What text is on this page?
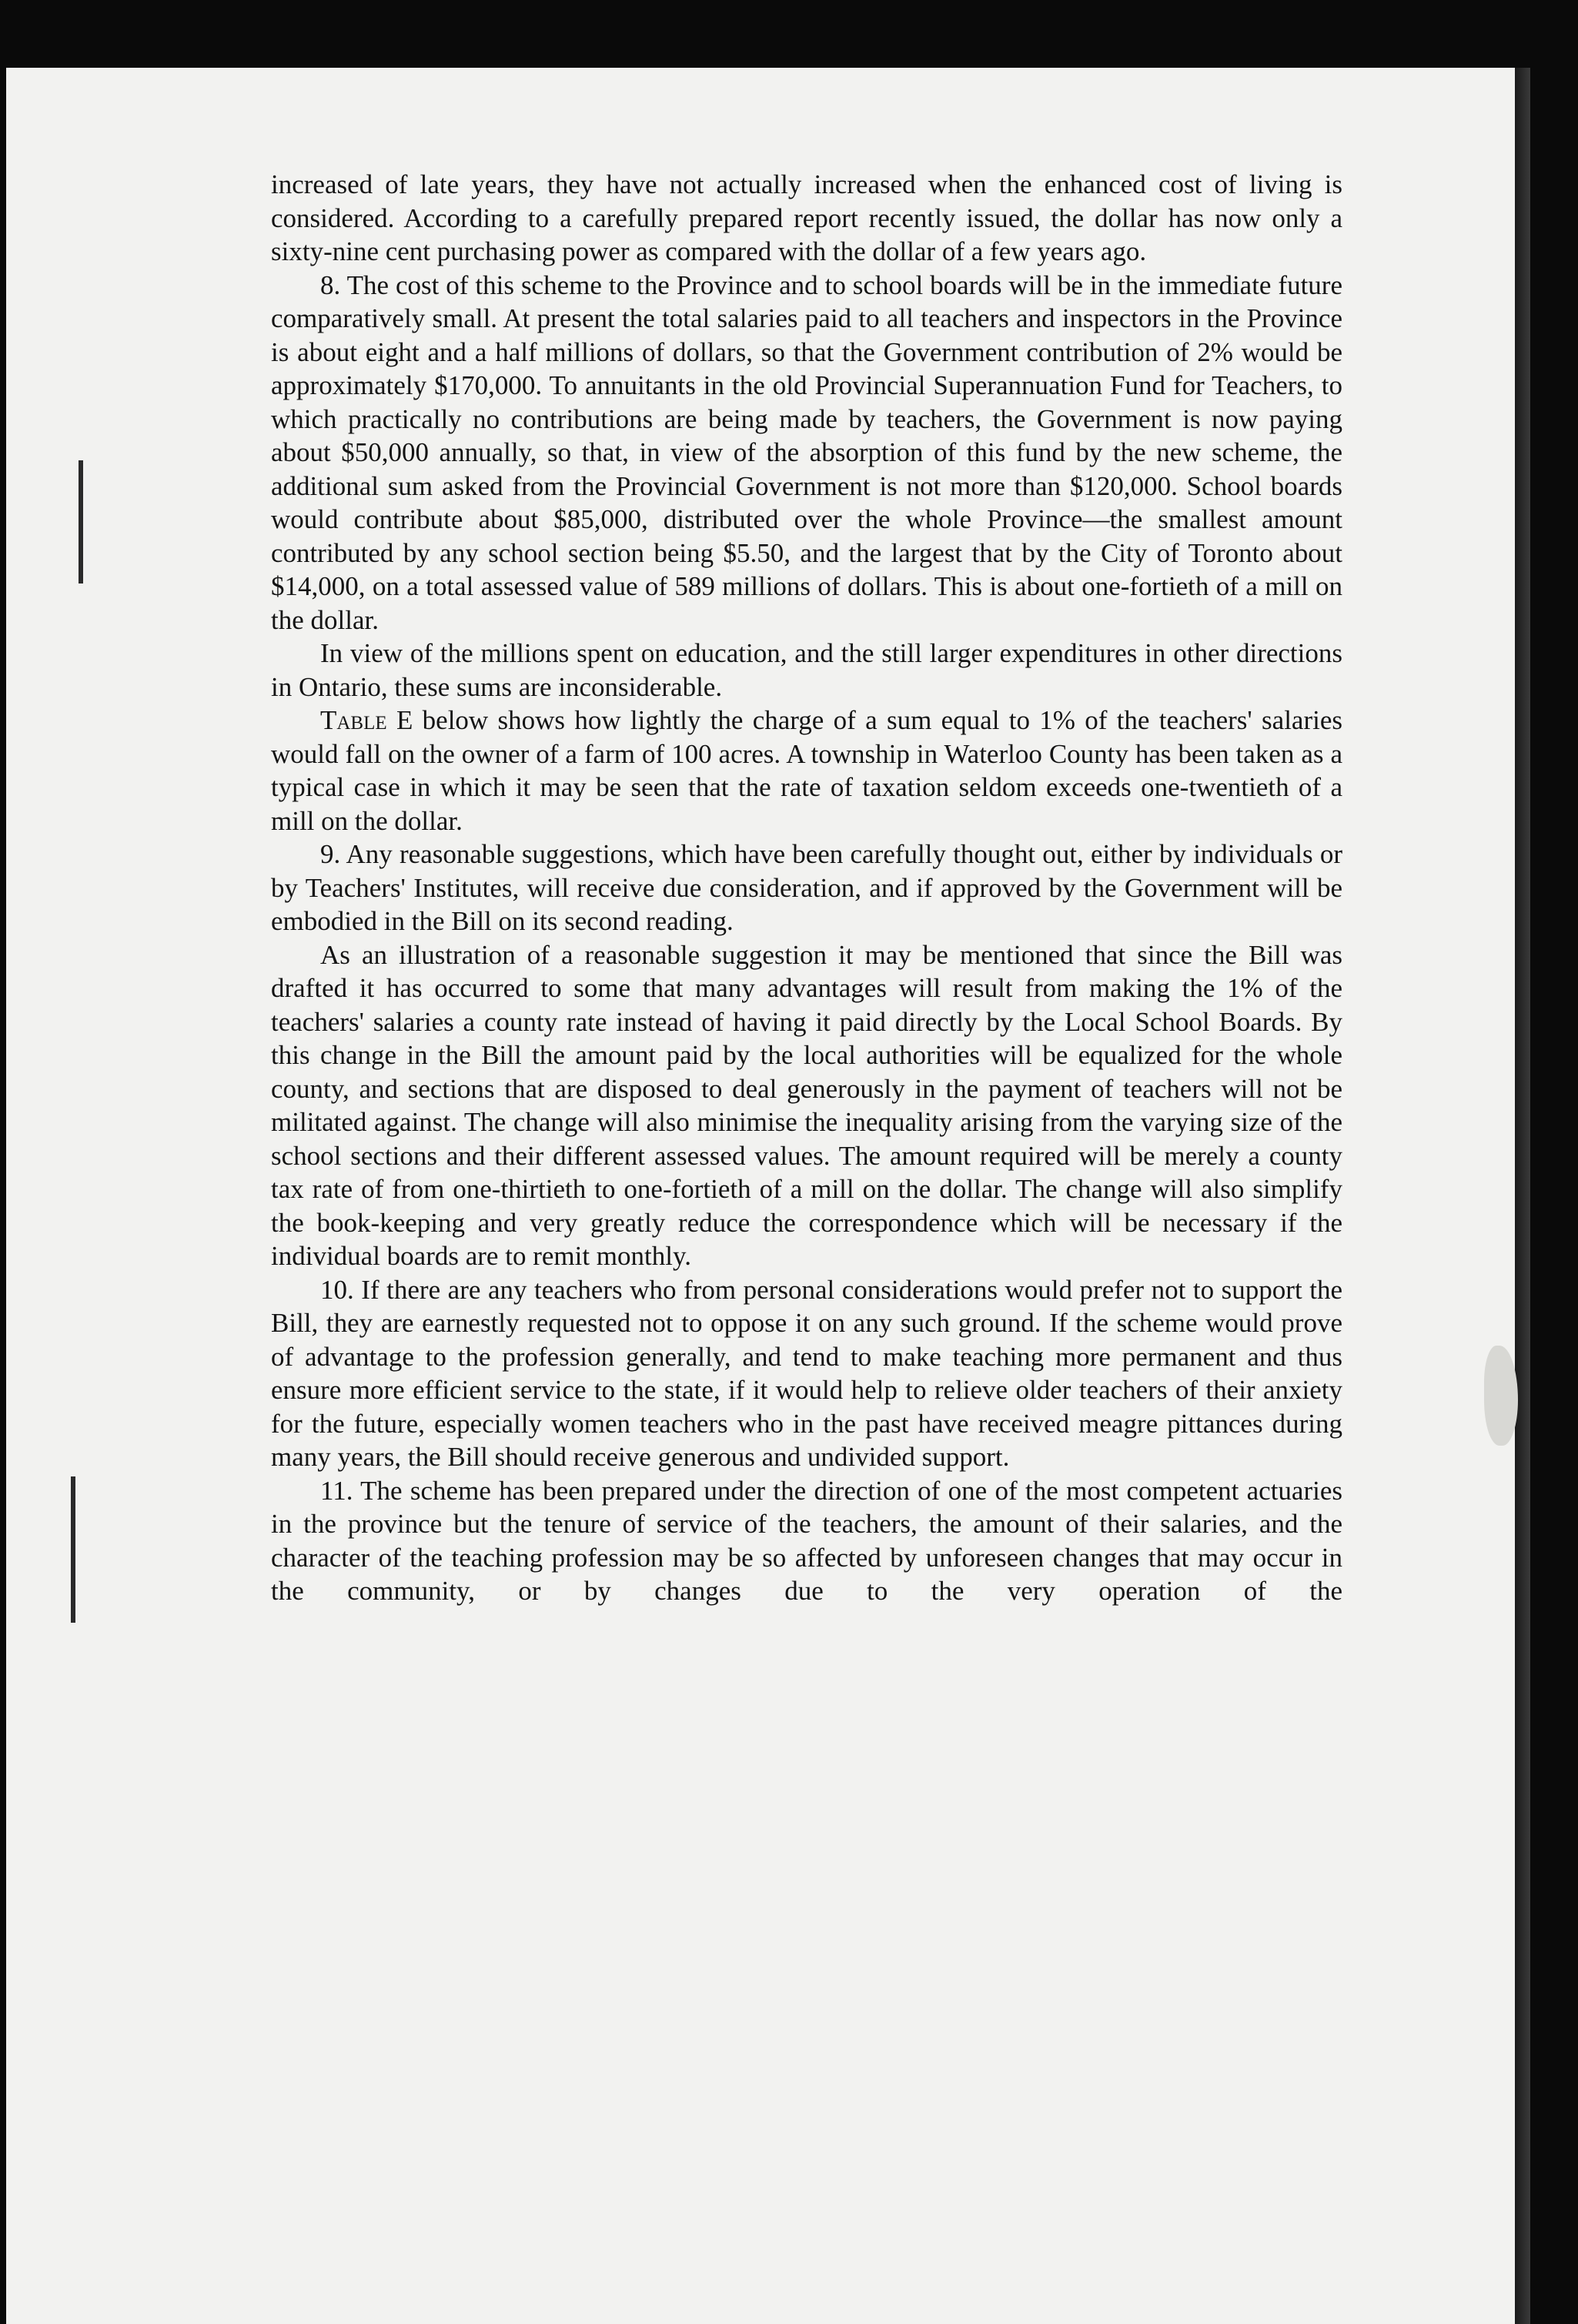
increased of late years, they have not actually increased when the enhanced cost of living is considered. According to a carefully prepared report recently issued, the dollar has now only a sixty-nine cent purchasing power as compared with the dollar of a few years ago.

8. The cost of this scheme to the Province and to school boards will be in the immediate future comparatively small. At present the total salaries paid to all teachers and inspectors in the Province is about eight and a half millions of dollars, so that the Government contribution of 2% would be approximately $170,000. To annuitants in the old Provincial Superannuation Fund for Teachers, to which practically no contributions are being made by teachers, the Government is now paying about $50,000 annually, so that, in view of the absorption of this fund by the new scheme, the additional sum asked from the Provincial Government is not more than $120,000. School boards would contribute about $85,000, distributed over the whole Province—the smallest amount contributed by any school section being $5.50, and the largest that by the City of Toronto about $14,000, on a total assessed value of 589 millions of dollars. This is about one-fortieth of a mill on the dollar.

In view of the millions spent on education, and the still larger expenditures in other directions in Ontario, these sums are inconsiderable.

Table E below shows how lightly the charge of a sum equal to 1% of the teachers' salaries would fall on the owner of a farm of 100 acres. A township in Waterloo County has been taken as a typical case in which it may be seen that the rate of taxation seldom exceeds one-twentieth of a mill on the dollar.

9. Any reasonable suggestions, which have been carefully thought out, either by individuals or by Teachers' Institutes, will receive due consideration, and if approved by the Government will be embodied in the Bill on its second reading.

As an illustration of a reasonable suggestion it may be mentioned that since the Bill was drafted it has occurred to some that many advantages will result from making the 1% of the teachers' salaries a county rate instead of having it paid directly by the Local School Boards. By this change in the Bill the amount paid by the local authorities will be equalized for the whole county, and sections that are disposed to deal generously in the payment of teachers will not be militated against. The change will also minimise the inequality arising from the varying size of the school sections and their different assessed values. The amount required will be merely a county tax rate of from one-thirtieth to one-fortieth of a mill on the dollar. The change will also simplify the book-keeping and very greatly reduce the correspondence which will be necessary if the individual boards are to remit monthly.

10. If there are any teachers who from personal considerations would prefer not to support the Bill, they are earnestly requested not to oppose it on any such ground. If the scheme would prove of advantage to the profession generally, and tend to make teaching more permanent and thus ensure more efficient service to the state, if it would help to relieve older teachers of their anxiety for the future, especially women teachers who in the past have received meagre pittances during many years, the Bill should receive generous and undivided support.

11. The scheme has been prepared under the direction of one of the most competent actuaries in the province but the tenure of service of the teachers, the amount of their salaries, and the character of the teaching profession may be so affected by unforeseen changes that may occur in the community, or by changes due to the very operation of the
